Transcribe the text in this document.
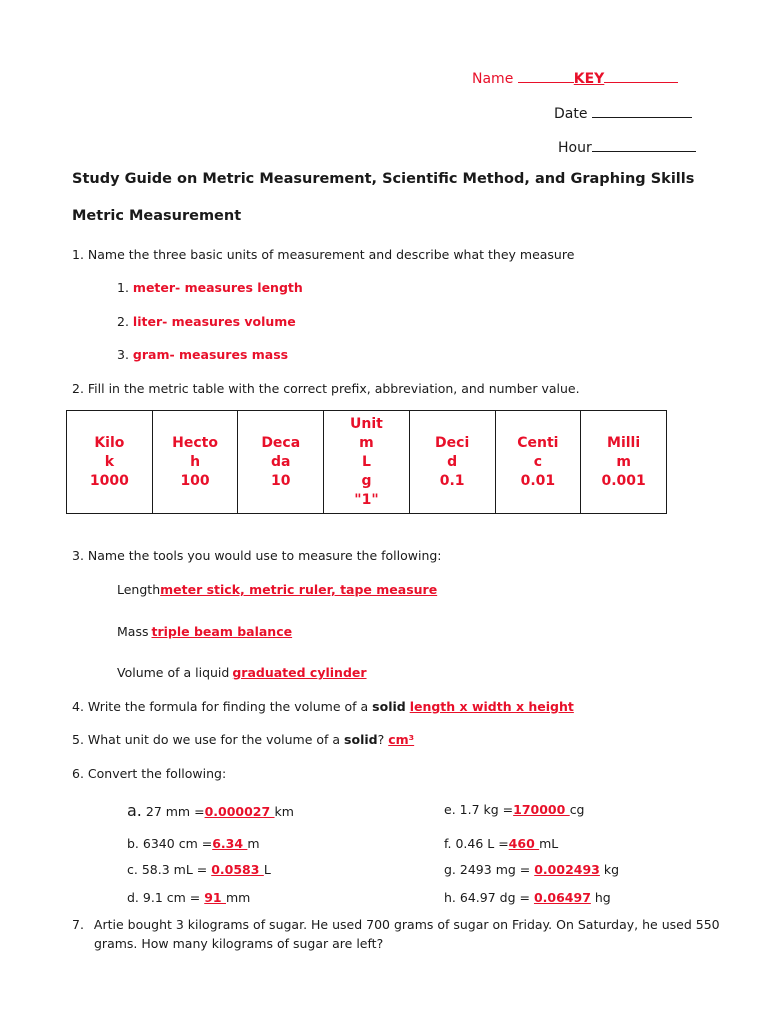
Name	KEY
Date
Hour
Study Guide on Metric Measurement, Scientific Method, and Graphing Skills
Metric Measurement
1. Name the three basic units of measurement and describe what they measure
1. meter- measures length
2. liter- measures volume
3. gram- measures mass
2. Fill in the metric table with the correct prefix, abbreviation, and number value.
Kilo
k
1000

Hecto
h
100

Deca
da
10

Unit
m
L
g
"1"

Deci
d
0.1

Centi
c
0.01

Milli
m
0.001
3. Name the tools you would use to measure the following:
Lengthmeter stick, metric ruler, tape measure
Mass triple beam balance
Volume of a liquid graduated cylinder
4. Write the formula for finding the volume of a solid length x width x height
5. What unit do we use for the volume of a solid? cm³
6. Convert the following:
a. 27 mm =0.000027 km
b. 6340 cm =6.34 m
c. 58.3 mL = 0.0583 L
d. 9.1 cm = 91 mm
e. 1.7 kg =170000 cg
f. 0.46 L =460 mL
g. 2493 mg = 0.002493 kg
h. 64.97 dg = 0.06497 hg
7. Artie bought 3 kilograms of sugar. He used 700 grams of sugar on Friday. On Saturday, he used 550
grams. How many kilograms of sugar are left?
